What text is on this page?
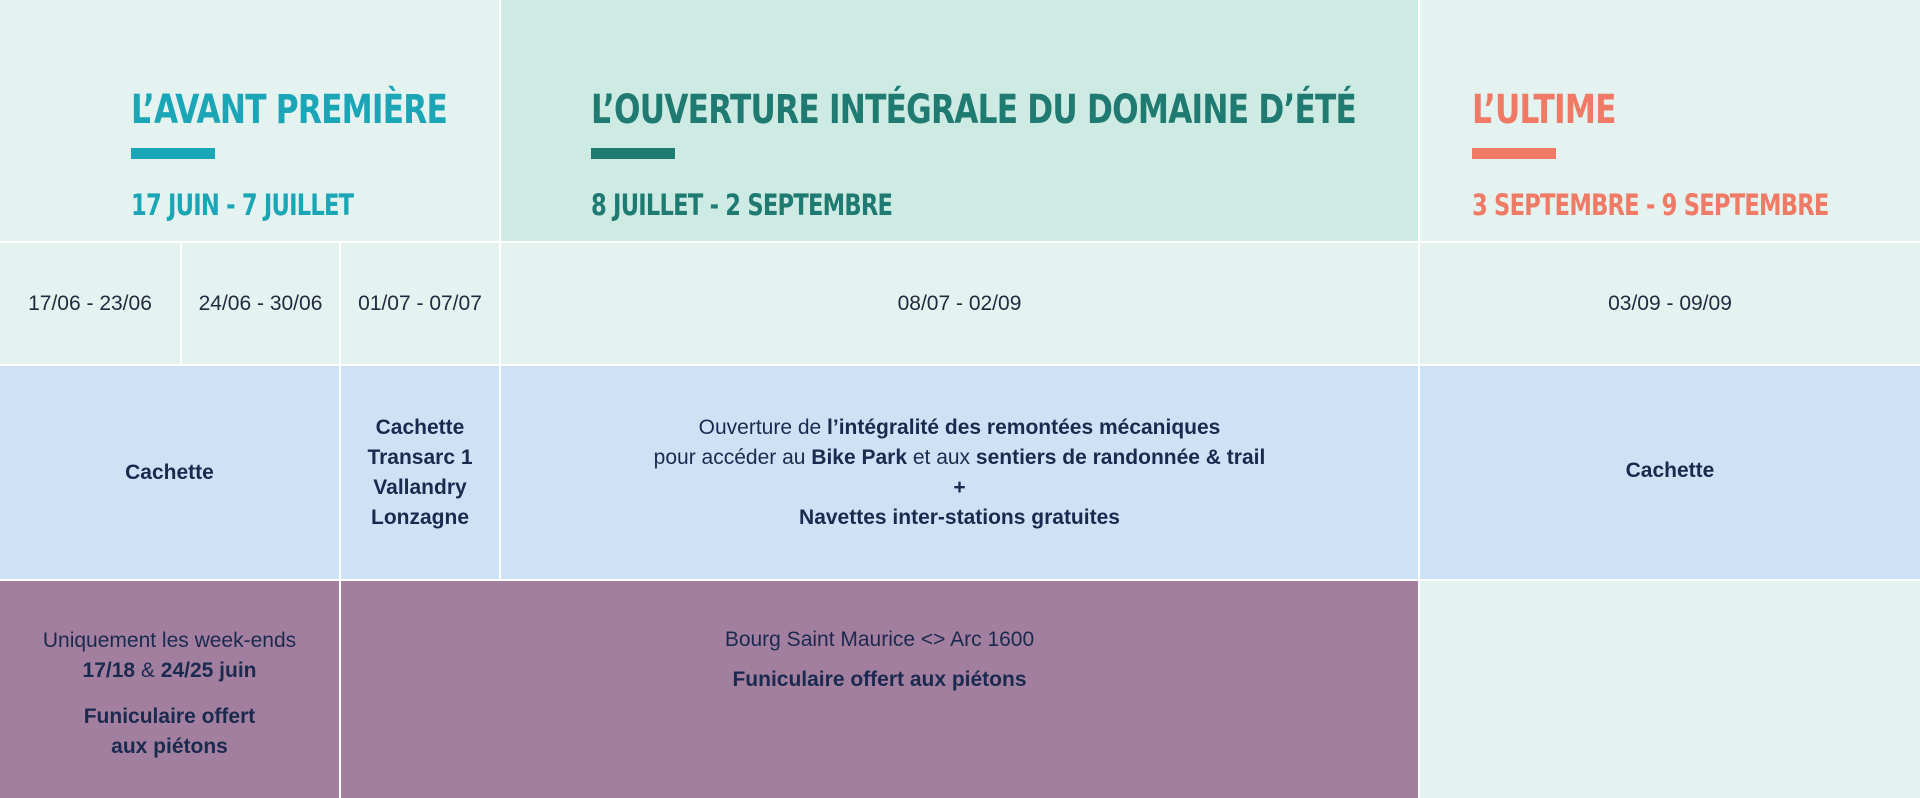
L’AVANT PREMIÈRE
17 JUIN - 7 JUILLET
L’OUVERTURE INTÉGRALE DU DOMAINE D’ÉTÉ
8 JUILLET - 2 SEPTEMBRE
L’ULTIME
3 SEPTEMBRE - 9 SEPTEMBRE
17/06 - 23/06 24/06 - 30/06 01/07 - 07/07	08/07 - 02/09	03/09 - 09/09
Cachette
Cachette
Transarc 1
Vallandry
Lonzagne
Ouverture de l’intégralité des remontées mécaniques
pour accéder au Bike Park et aux sentiers de randonnée & trail
+
Navettes inter-stations gratuites
Cachette
Uniquement les week-ends
17/18 & 24/25 juin
Funiculaire offert
aux piétons
Bourg Saint Maurice <> Arc 1600
Funiculaire offert aux piétons
